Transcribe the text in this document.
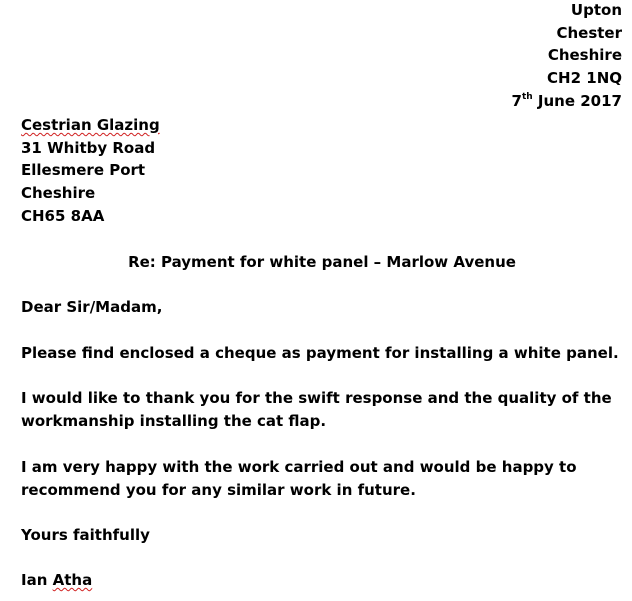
Upton
Chester
Cheshire
CH2 1NQ
7th June 2017
Cestrian Glazing
31 Whitby Road
Ellesmere Port
Cheshire
CH65 8AA
Re: Payment for white panel – Marlow Avenue
Dear Sir/Madam,
Please find enclosed a cheque as payment for installing a white panel.
I would like to thank you for the swift response and the quality of the
workmanship installing the cat flap.
I am very happy with the work carried out and would be happy to
recommend you for any similar work in future.
Yours faithfully
Ian Atha
